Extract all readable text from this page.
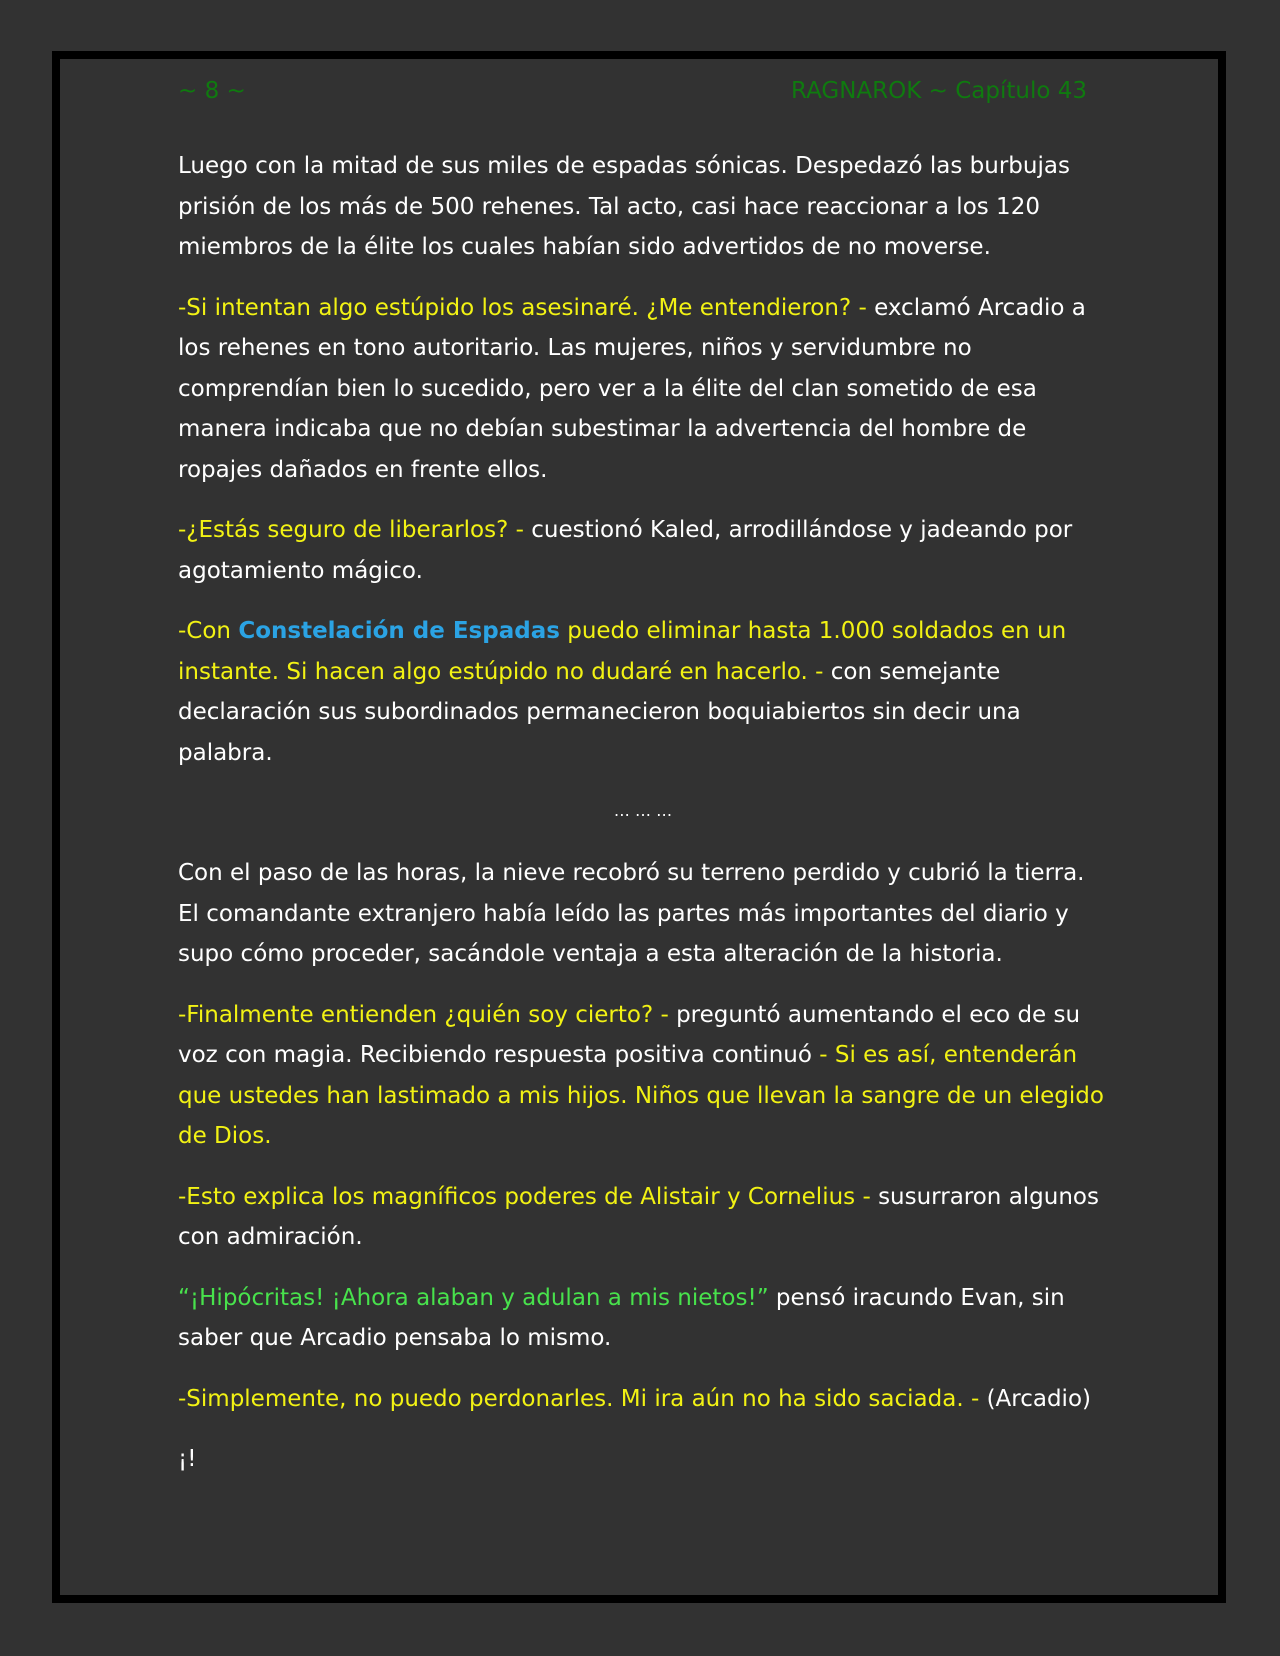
~ 8 ~	RAGNAROK ~ Capítulo 43

Luego con la mitad de sus miles de espadas sónicas. Despedazó las burbujas prisión de los más de 500 rehenes. Tal acto, casi hace reaccionar a los 120 miembros de la élite los cuales habían sido advertidos de no moverse.

-Si intentan algo estúpido los asesinaré. ¿Me entendieron? - exclamó Arcadio a los rehenes en tono autoritario. Las mujeres, niños y servidumbre no comprendían bien lo sucedido, pero ver a la élite del clan sometido de esa manera indicaba que no debían subestimar la advertencia del hombre de ropajes dañados en frente ellos.

-¿Estás seguro de liberarlos? - cuestionó Kaled, arrodillándose y jadeando por agotamiento mágico.

-Con Constelación de Espadas puedo eliminar hasta 1.000 soldados en un instante. Si hacen algo estúpido no dudaré en hacerlo. - con semejante declaración sus subordinados permanecieron boquiabiertos sin decir una palabra.

… … …

Con el paso de las horas, la nieve recobró su terreno perdido y cubrió la tierra. El comandante extranjero había leído las partes más importantes del diario y supo cómo proceder, sacándole ventaja a esta alteración de la historia.

-Finalmente entienden ¿quién soy cierto? - preguntó aumentando el eco de su voz con magia. Recibiendo respuesta positiva continuó - Si es así, entenderán que ustedes han lastimado a mis hijos. Niños que llevan la sangre de un elegido de Dios.

-Esto explica los magníficos poderes de Alistair y Cornelius - susurraron algunos con admiración.

“¡Hipócritas! ¡Ahora alaban y adulan a mis nietos!” pensó iracundo Evan, sin saber que Arcadio pensaba lo mismo.

-Simplemente, no puedo perdonarles. Mi ira aún no ha sido saciada. - (Arcadio)

¡!
